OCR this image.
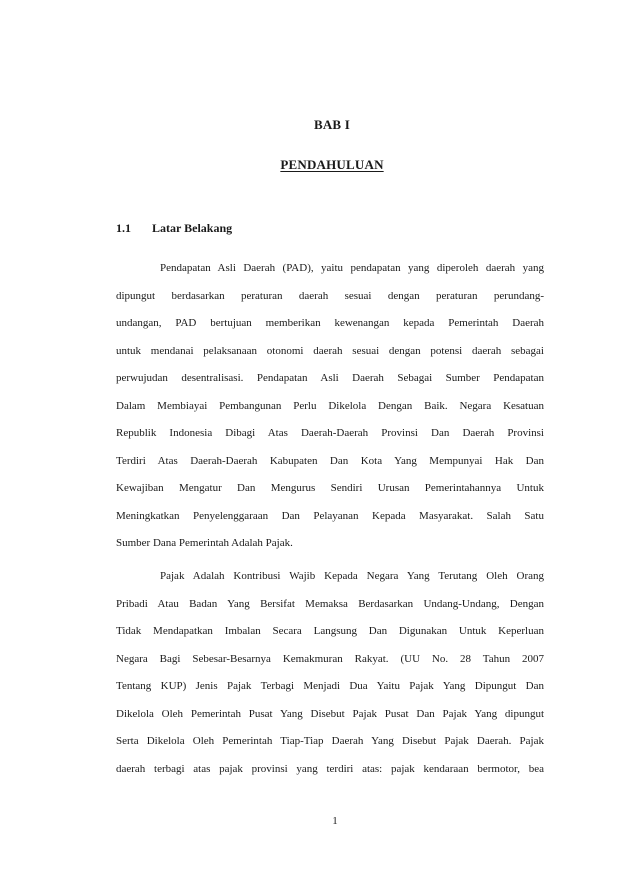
BAB I
PENDAHULUAN
1.1 Latar Belakang
Pendapatan Asli Daerah (PAD), yaitu pendapatan yang diperoleh daerah yang
dipungut berdasarkan peraturan daerah sesuai dengan peraturan perundang-
undangan, PAD bertujuan memberikan kewenangan kepada Pemerintah Daerah
untuk mendanai pelaksanaan otonomi daerah sesuai dengan potensi daerah sebagai
perwujudan desentralisasi. Pendapatan Asli Daerah Sebagai Sumber Pendapatan
Dalam Membiayai Pembangunan Perlu Dikelola Dengan Baik. Negara Kesatuan
Republik Indonesia Dibagi Atas Daerah-Daerah Provinsi Dan Daerah Provinsi
Terdiri Atas Daerah-Daerah Kabupaten Dan Kota Yang Mempunyai Hak Dan
Kewajiban Mengatur Dan Mengurus Sendiri Urusan Pemerintahannya Untuk
Meningkatkan Penyelenggaraan Dan Pelayanan Kepada Masyarakat. Salah Satu
Sumber Dana Pemerintah Adalah Pajak.
Pajak Adalah Kontribusi Wajib Kepada Negara Yang Terutang Oleh Orang
Pribadi Atau Badan Yang Bersifat Memaksa Berdasarkan Undang-Undang, Dengan
Tidak Mendapatkan Imbalan Secara Langsung Dan Digunakan Untuk Keperluan
Negara Bagi Sebesar-Besarnya Kemakmuran Rakyat. (UU No. 28 Tahun 2007
Tentang KUP) Jenis Pajak Terbagi Menjadi Dua Yaitu Pajak Yang Dipungut Dan
Dikelola Oleh Pemerintah Pusat Yang Disebut Pajak Pusat Dan Pajak Yang dipungut
Serta Dikelola Oleh Pemerintah Tiap-Tiap Daerah Yang Disebut Pajak Daerah. Pajak
daerah terbagi atas pajak provinsi yang terdiri atas: pajak kendaraan bermotor, bea
1
